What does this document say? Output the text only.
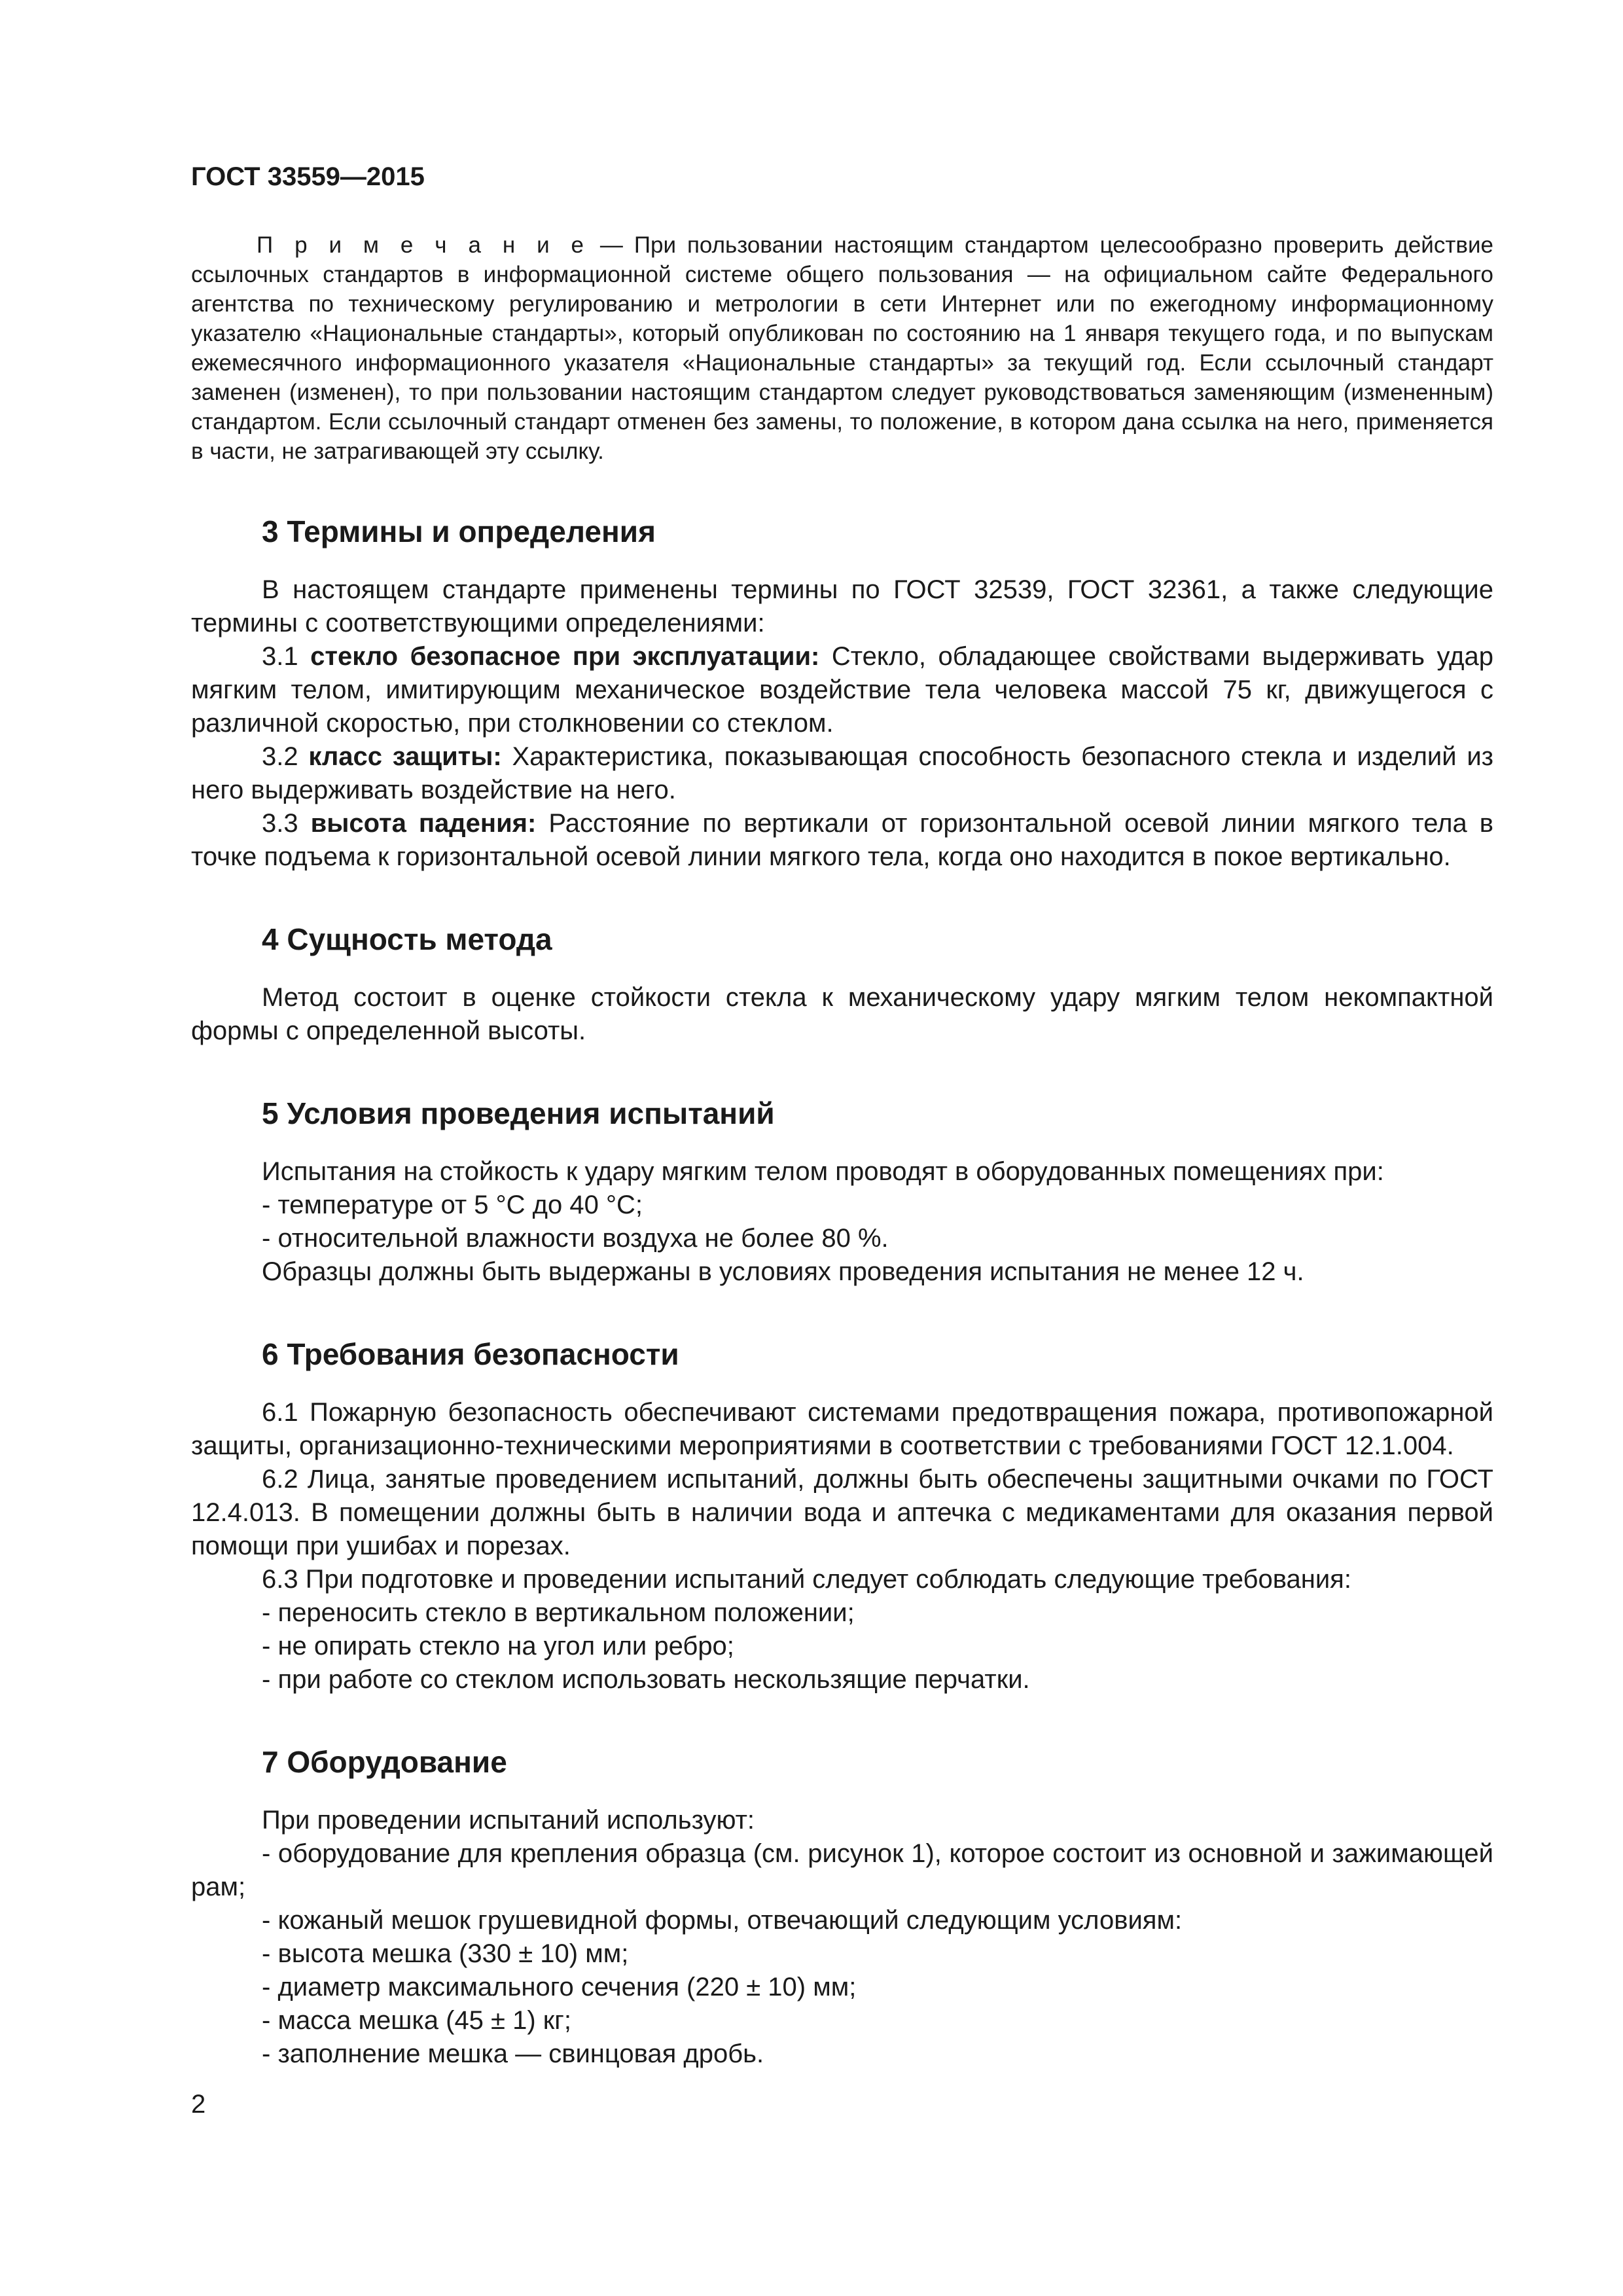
ГОСТ 33559—2015

П р и м е ч а н и е — При пользовании настоящим стандартом целесообразно проверить действие ссылочных стандартов в информационной системе общего пользования — на официальном сайте Федерального агентства по техническому регулированию и метрологии в сети Интернет или по ежегодному информационному указателю «Национальные стандарты», который опубликован по состоянию на 1 января текущего года, и по выпускам ежемесячного информационного указателя «Национальные стандарты» за текущий год. Если ссылочный стандарт заменен (изменен), то при пользовании настоящим стандартом следует руководствоваться заменяющим (измененным) стандартом. Если ссылочный стандарт отменен без замены, то положение, в котором дана ссылка на него, применяется в части, не затрагивающей эту ссылку.

3 Термины и определения

В настоящем стандарте применены термины по ГОСТ 32539, ГОСТ 32361, а также следующие термины с соответствующими определениями:

3.1 стекло безопасное при эксплуатации: Стекло, обладающее свойствами выдерживать удар мягким телом, имитирующим механическое воздействие тела человека массой 75 кг, движущегося с различной скоростью, при столкновении со стеклом.

3.2 класс защиты: Характеристика, показывающая способность безопасного стекла и изделий из него выдерживать воздействие на него.

3.3 высота падения: Расстояние по вертикали от горизонтальной осевой линии мягкого тела в точке подъема к горизонтальной осевой линии мягкого тела, когда оно находится в покое вертикально.

4 Сущность метода

Метод состоит в оценке стойкости стекла к механическому удару мягким телом некомпактной формы с определенной высоты.

5 Условия проведения испытаний

Испытания на стойкость к удару мягким телом проводят в оборудованных помещениях при:

- температуре от 5 °С до 40 °С;
- относительной влажности воздуха не более 80 %.

Образцы должны быть выдержаны в условиях проведения испытания не менее 12 ч.

6 Требования безопасности

6.1 Пожарную безопасность обеспечивают системами предотвращения пожара, противопожарной защиты, организационно-техническими мероприятиями в соответствии с требованиями ГОСТ 12.1.004.

6.2 Лица, занятые проведением испытаний, должны быть обеспечены защитными очками по ГОСТ 12.4.013. В помещении должны быть в наличии вода и аптечка с медикаментами для оказания первой помощи при ушибах и порезах.

6.3 При подготовке и проведении испытаний следует соблюдать следующие требования:

- переносить стекло в вертикальном положении;
- не опирать стекло на угол или ребро;
- при работе со стеклом использовать нескользящие перчатки.
7 Оборудование

При проведении испытаний используют:

- оборудование для крепления образца (см. рисунок 1), которое состоит из основной и зажимающей рам;

- кожаный мешок грушевидной формы, отвечающий следующим условиям:
- высота мешка (330 ± 10) мм;
- диаметр максимального сечения (220 ± 10) мм;
- масса мешка (45 ± 1) кг;
- заполнение мешка — свинцовая дробь.
2
